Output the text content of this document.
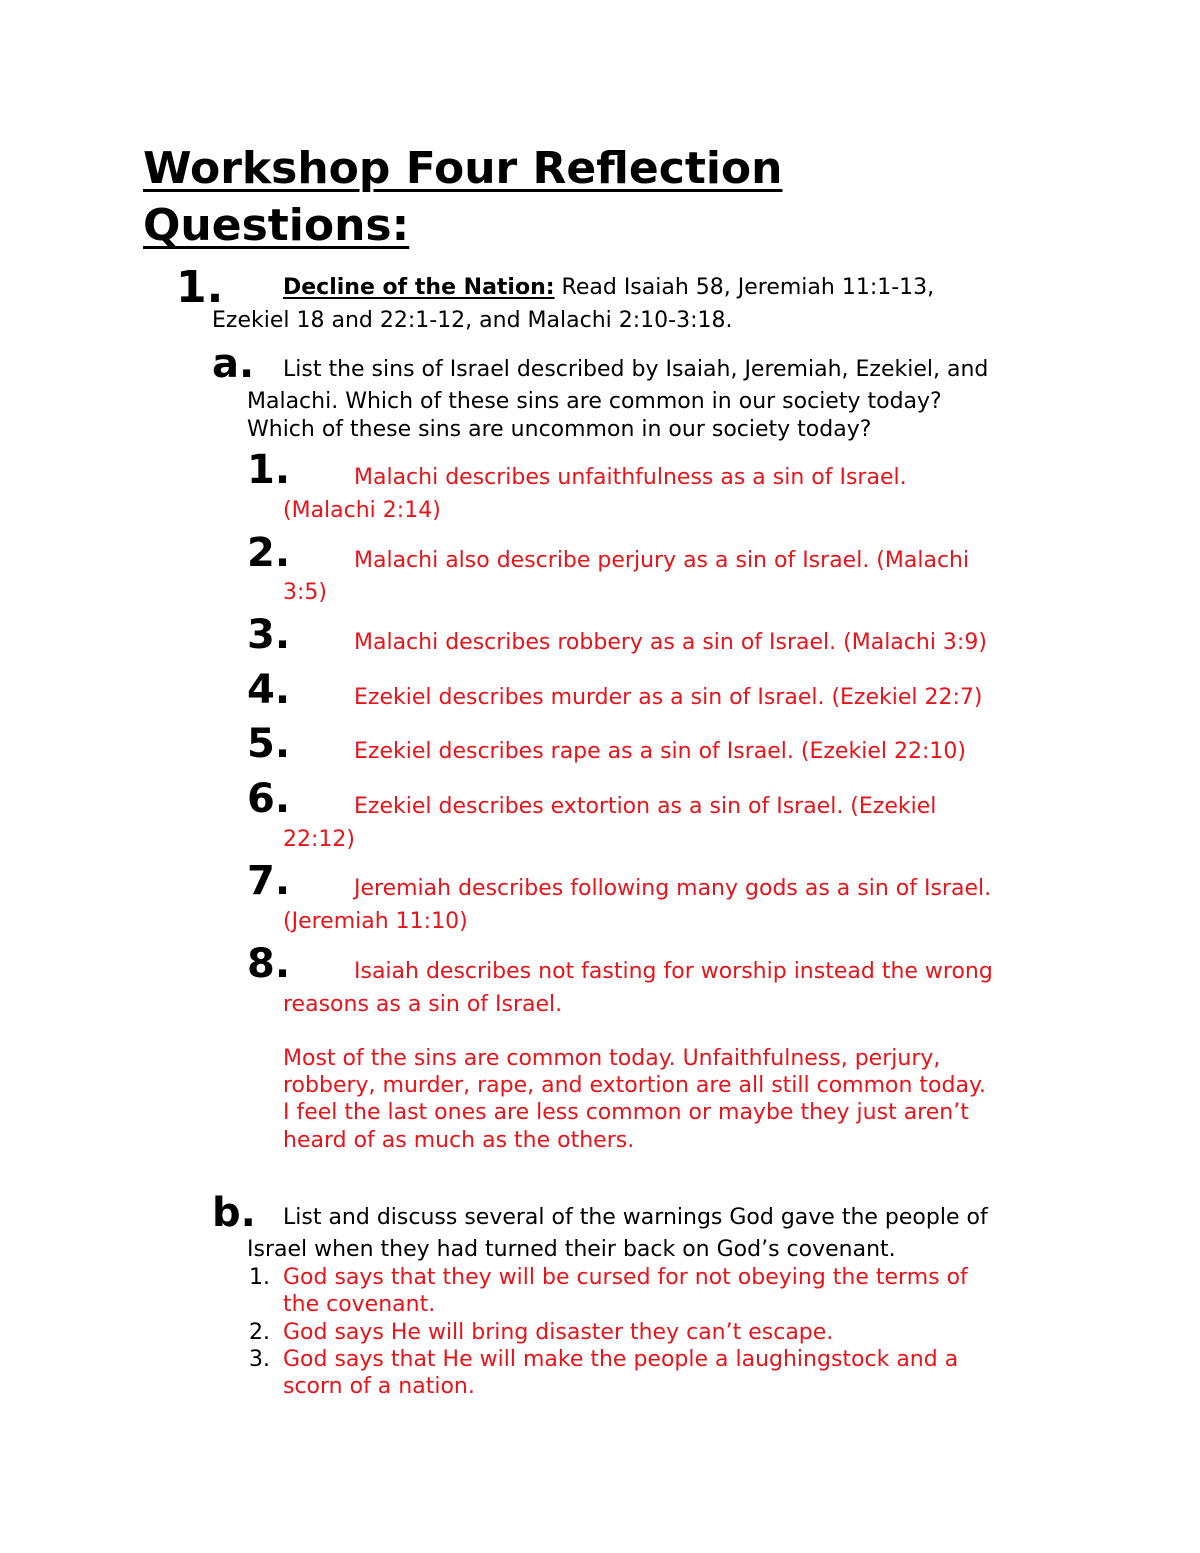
Workshop Four Reflection
Questions:
1.	Decline of the Nation: Read Isaiah 58, Jeremiah 11:1-13,
Ezekiel 18 and 22:1-12, and Malachi 2:10-3:18.
a. List the sins of Israel described by Isaiah, Jeremiah, Ezekiel, and
Malachi. Which of these sins are common in our society today?
Which of these sins are uncommon in our society today?
1.	Malachi describes unfaithfulness as a sin of Israel.
(Malachi 2:14)
2.	Malachi also describe perjury as a sin of Israel. (Malachi
3:5)
3.	Malachi describes robbery as a sin of Israel. (Malachi 3:9)
4.	Ezekiel describes murder as a sin of Israel. (Ezekiel 22:7)
5.	Ezekiel describes rape as a sin of Israel. (Ezekiel 22:10)
6.	Ezekiel describes extortion as a sin of Israel. (Ezekiel
22:12)
7.	Jeremiah describes following many gods as a sin of Israel.
(Jeremiah 11:10)
8.	Isaiah describes not fasting for worship instead the wrong
reasons as a sin of Israel.
Most of the sins are common today. Unfaithfulness, perjury,
robbery, murder, rape, and extortion are all still common today.
I feel the last ones are less common or maybe they just aren’t
heard of as much as the others.
b. List and discuss several of the warnings God gave the people of
Israel when they had turned their back on God’s covenant.
1. God says that they will be cursed for not obeying the terms of
the covenant.
2. God says He will bring disaster they can’t escape.
3. God says that He will make the people a laughingstock and a
scorn of a nation.
